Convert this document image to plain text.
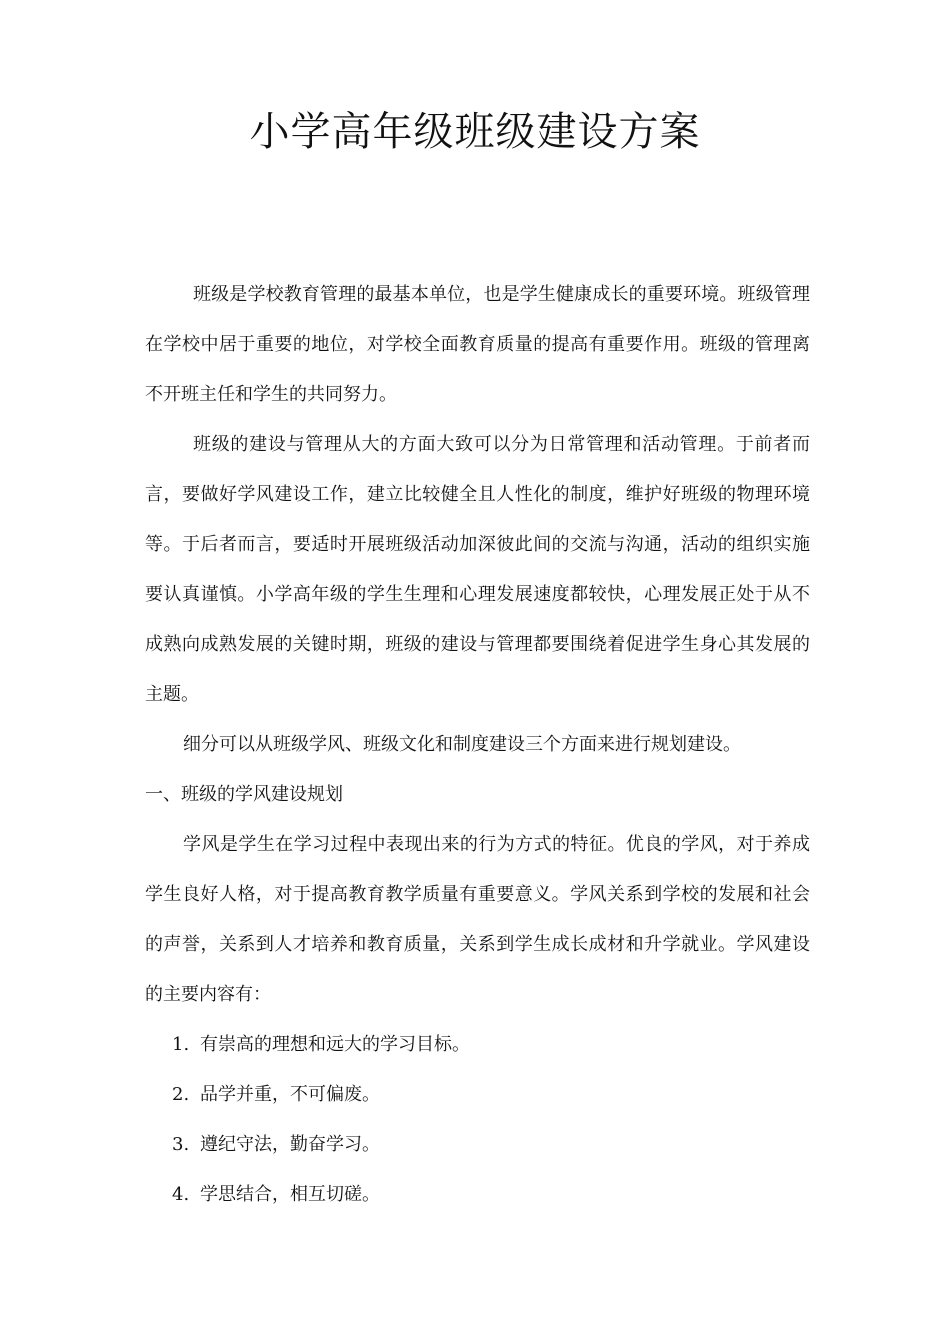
小学高年级班级建设方案

班级是学校教育管理的最基本单位，也是学生健康成长的重要环境。班级管理在学校中居于重要的地位，对学校全面教育质量的提高有重要作用。班级的管理离不开班主任和学生的共同努力。

班级的建设与管理从大的方面大致可以分为日常管理和活动管理。于前者而言，要做好学风建设工作，建立比较健全且人性化的制度，维护好班级的物理环境等。于后者而言，要适时开展班级活动加深彼此间的交流与沟通，活动的组织实施要认真谨慎。小学高年级的学生生理和心理发展速度都较快，心理发展正处于从不成熟向成熟发展的关键时期，班级的建设与管理都要围绕着促进学生身心其发展的主题。

细分可以从班级学风、班级文化和制度建设三个方面来进行规划建设。

一、班级的学风建设规划

学风是学生在学习过程中表现出来的行为方式的特征。优良的学风，对于养成学生良好人格，对于提高教育教学质量有重要意义。学风关系到学校的发展和社会的声誉，关系到人才培养和教育质量，关系到学生成长成材和升学就业。学风建设的主要内容有：

1. 有崇高的理想和远大的学习目标。
2. 品学并重，不可偏废。
3. 遵纪守法，勤奋学习。
4. 学思结合，相互切磋。
